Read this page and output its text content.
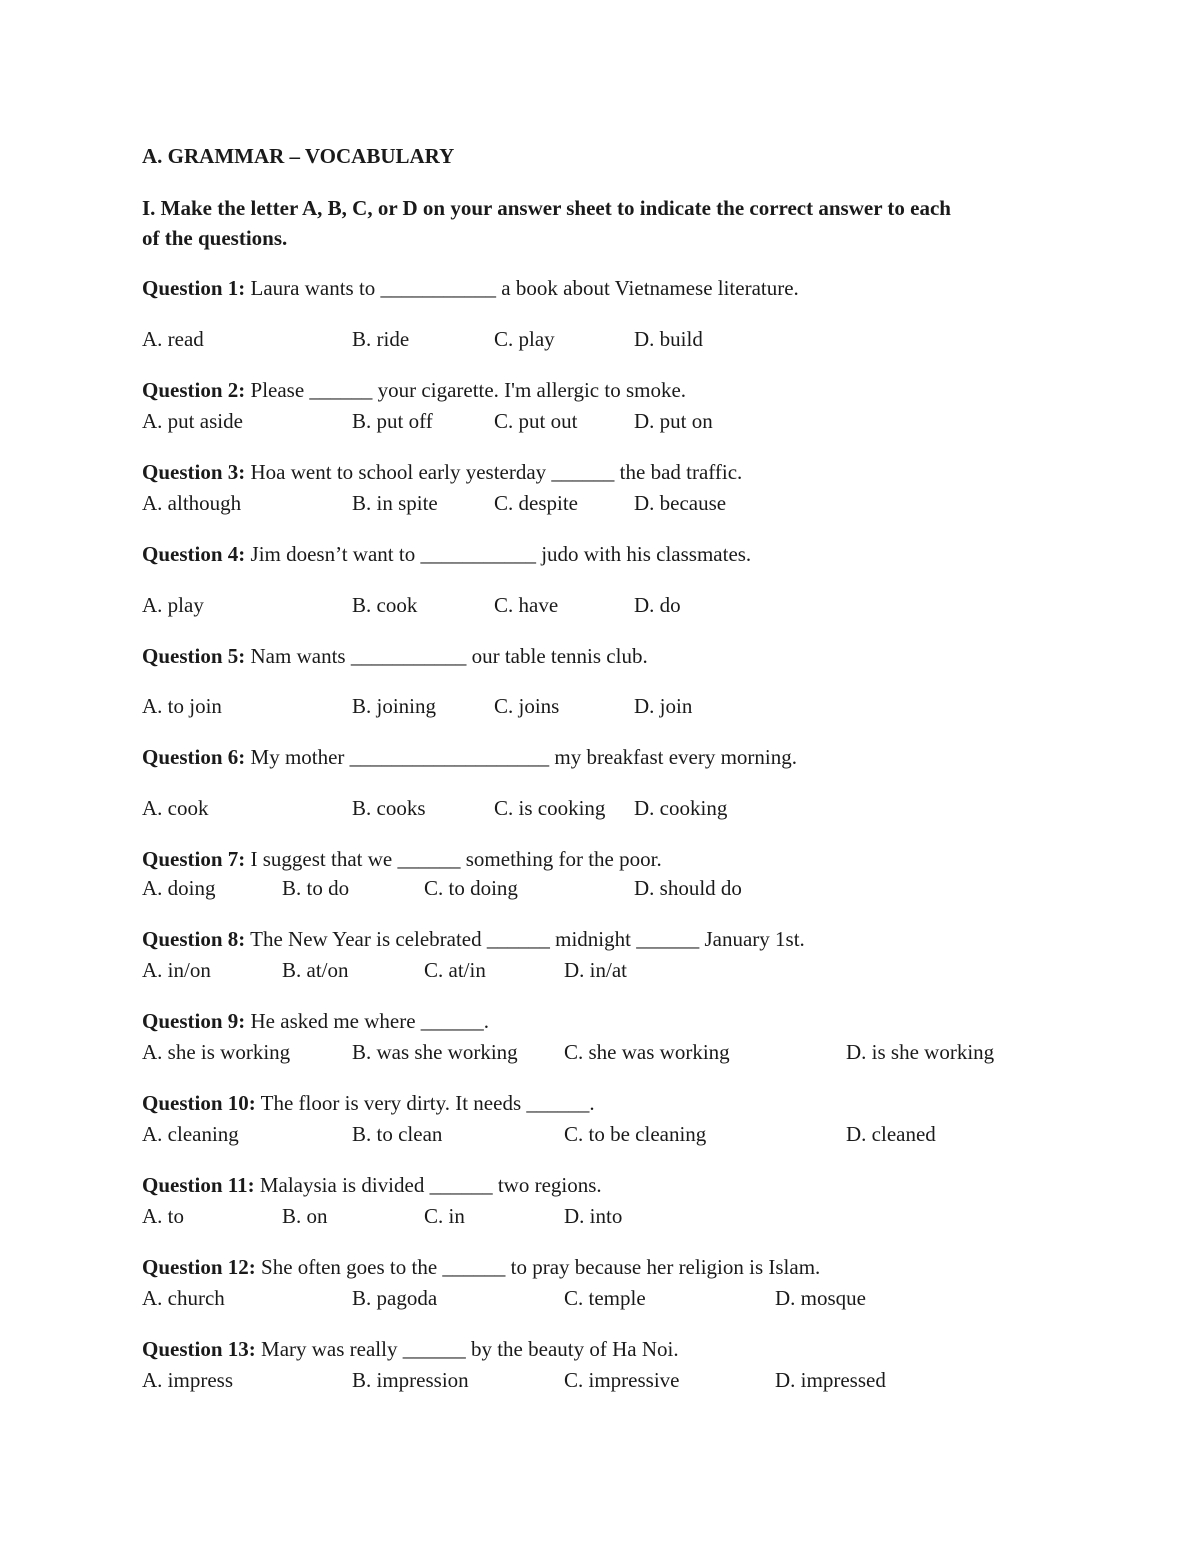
A. GRAMMAR – VOCABULARY
I. Make the letter A, B, C, or D on your answer sheet to indicate the correct answer to each
of the questions.
Question 1: Laura wants to ___________ a book about Vietnamese literature.
A. read	B. ride	C. play	D. build
Question 2: Please ______ your cigarette. I'm allergic to smoke.
A. put aside	B. put off	C. put out	D. put on
Question 3: Hoa went to school early yesterday ______ the bad traffic.
A. although	B. in spite	C. despite	D. because
Question 4: Jim doesn’t want to ___________ judo with his classmates.
A. play	B. cook	C. have	D. do
Question 5: Nam wants ___________ our table tennis club.
A. to join	B. joining	C. joins	D. join
Question 6: My mother ___________________ my breakfast every morning.
A. cook	B. cooks	C. is cooking D. cooking
Question 7: I suggest that we ______ something for the poor.
A. doing	B. to do	C. to doing	D. should do
Question 8: The New Year is celebrated ______ midnight ______ January 1st.
A. in/on	B. at/on	C. at/in	D. in/at
Question 9: He asked me where ______.
A. she is working	B. was she working C. she was working	D. is she working
Question 10: The floor is very dirty. It needs ______.
A. cleaning	B. to clean	C. to be cleaning	D. cleaned
Question 11: Malaysia is divided ______ two regions.
A. to	B. on	C. in	D. into
Question 12: She often goes to the ______ to pray because her religion is Islam.
A. church	B. pagoda	C. temple	D. mosque
Question 13: Mary was really ______ by the beauty of Ha Noi.
A. impress	B. impression	C. impressive	D. impressed
